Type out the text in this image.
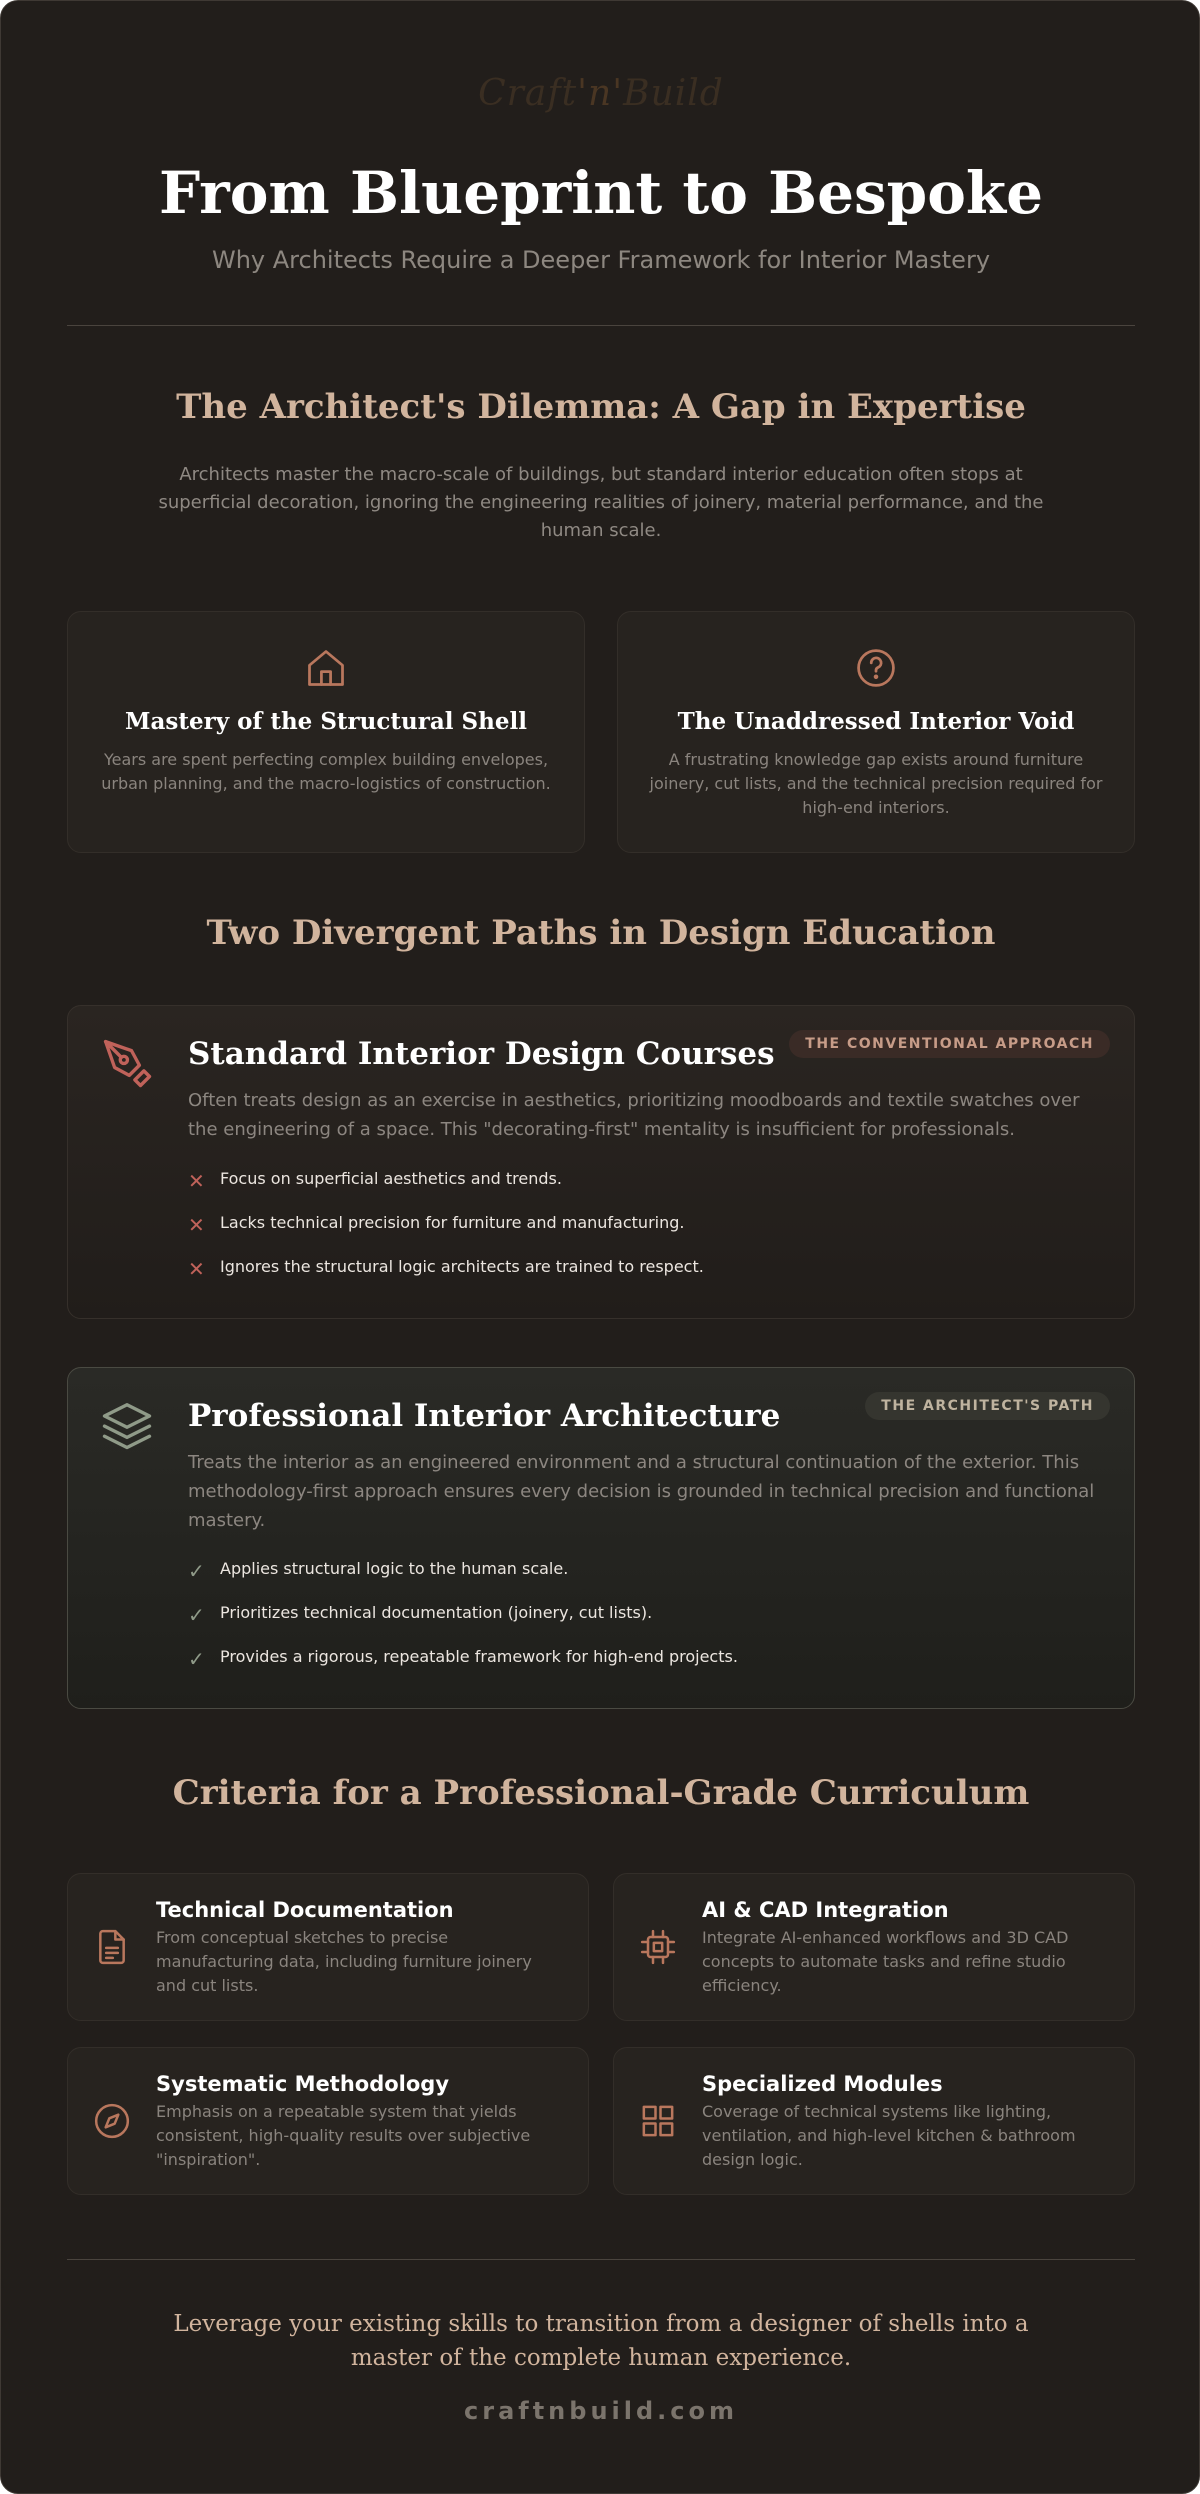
Craft'n'Build
From Blueprint to Bespoke
Why Architects Require a Deeper Framework for Interior Mastery
The Architect's Dilemma: A Gap in Expertise
Architects master the macro-scale of buildings, but standard interior education often stops at superficial decoration, ignoring the engineering realities of joinery, material performance, and the human scale.
Mastery of the Structural Shell
Years are spent perfecting complex building envelopes, urban planning, and the macro-logistics of construction.
The Unaddressed Interior Void
A frustrating knowledge gap exists around furniture joinery, cut lists, and the technical precision required for high-end interiors.
Two Divergent Paths in Design Education
Standard Interior Design Courses	THE CONVENTIONAL APPROACH
Often treats design as an exercise in aesthetics, prioritizing moodboards and textile swatches over the engineering of a space. This "decorating-first" mentality is insufficient for professionals.
✕ Focus on superficial aesthetics and trends.
✕ Lacks technical precision for furniture and manufacturing.
✕ Ignores the structural logic architects are trained to respect.
Professional Interior Architecture	THE ARCHITECT'S PATH
Treats the interior as an engineered environment and a structural continuation of the exterior. This methodology-first approach ensures every decision is grounded in technical precision and functional mastery.
✓ Applies structural logic to the human scale.
✓ Prioritizes technical documentation (joinery, cut lists).
✓ Provides a rigorous, repeatable framework for high-end projects.
Criteria for a Professional-Grade Curriculum
Technical Documentation
From conceptual sketches to precise manufacturing data, including furniture joinery and cut lists.
AI & CAD Integration
Integrate AI-enhanced workflows and 3D CAD concepts to automate tasks and refine studio efficiency.
Systematic Methodology
Emphasis on a repeatable system that yields consistent, high-quality results over subjective "inspiration".
Specialized Modules
Coverage of technical systems like lighting, ventilation, and high-level kitchen & bathroom design logic.
Leverage your existing skills to transition from a designer of shells into a master of the complete human experience.
craftnbuild.com
